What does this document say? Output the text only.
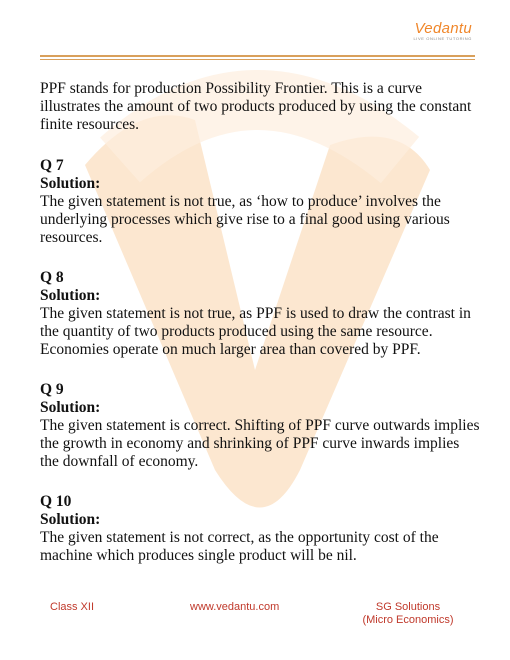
Vedantu
LIVE ONLINE TUTORING

PPF stands for production Possibility Frontier. This is a curve illustrates the amount of two products produced by using the constant finite resources.

Q 7
Solution:
The given statement is not true, as ‘how to produce’ involves the underlying processes which give rise to a final good using various resources.
Q 8
Solution:
The given statement is not true, as PPF is used to draw the contrast in the quantity of two products produced using the same resource. Economies operate on much larger area than covered by PPF.
Q 9
Solution:
The given statement is correct. Shifting of PPF curve outwards implies the growth in economy and shrinking of PPF curve inwards implies the downfall of economy.
Q 10
Solution:
The given statement is not correct, as the opportunity cost of the machine which produces single product will be nil.
Class XII	www.vedantu.com	SG Solutions
(Micro Economics)
